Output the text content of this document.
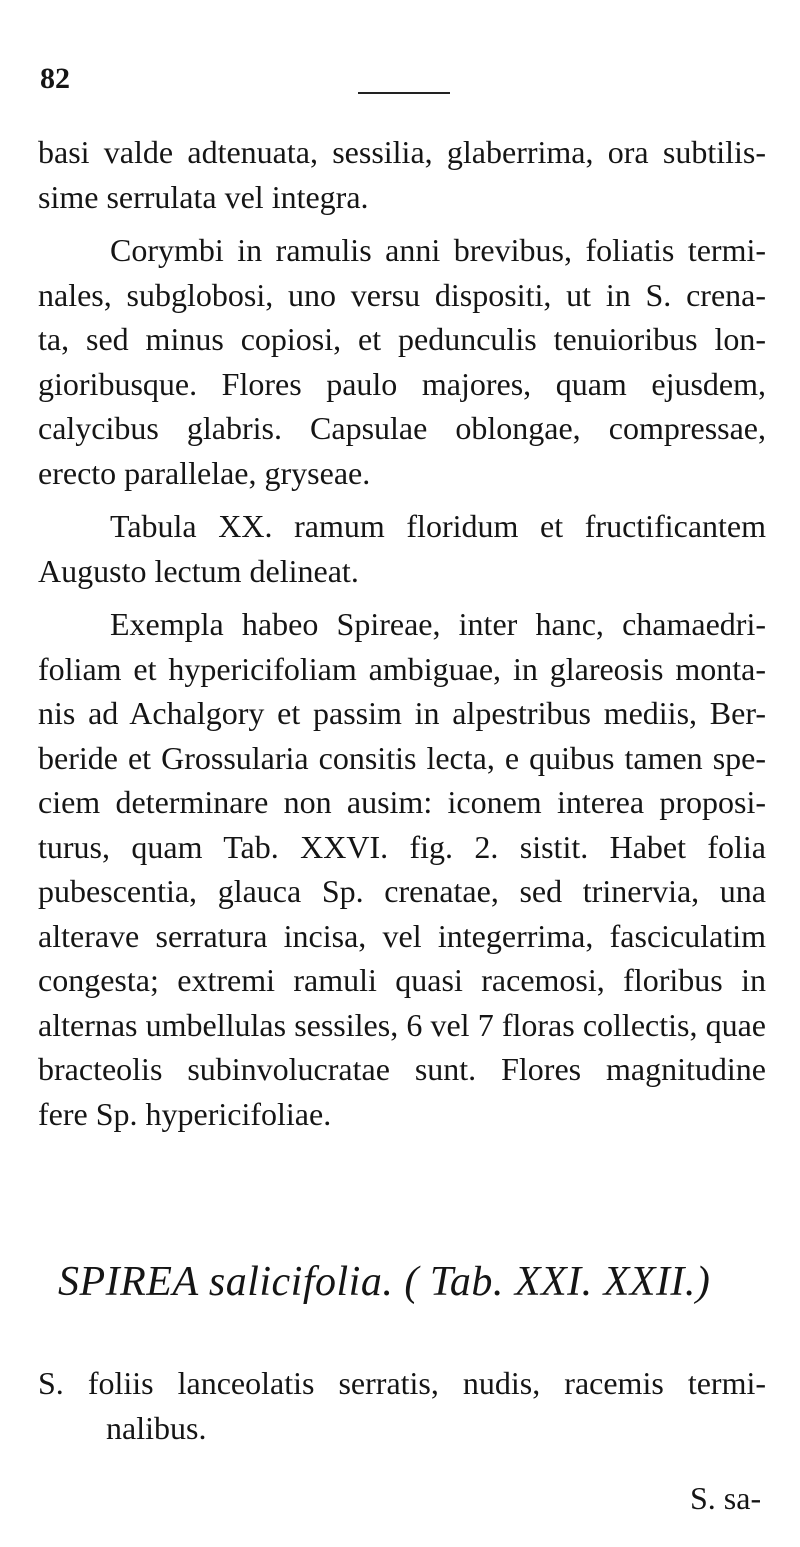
82
basi valde adtenuata, sessilia, glaberrima, ora subtilis-
sime serrulata vel integra.
Corymbi in ramulis anni brevibus, foliatis termi-
nales, subglobosi, uno versu dispositi, ut in S. crena-
ta, sed minus copiosi, et pedunculis tenuioribus lon-
gioribusque. Flores paulo majores, quam ejusdem,
calycibus glabris. Capsulae oblongae, compressae,
erecto parallelae, gryseae.
Tabula XX. ramum floridum et fructificantem
Augusto lectum delineat.
Exempla habeo Spireae, inter hanc, chamaedri-
foliam et hypericifoliam ambiguae, in glareosis monta-
nis ad Achalgory et passim in alpestribus mediis, Ber-
beride et Grossularia consitis lecta, e quibus tamen spe-
ciem determinare non ausim: iconem interea proposi-
turus, quam Tab. XXVI. fig. 2. sistit. Habet folia
pubescentia, glauca Sp. crenatae, sed trinervia, una
alterave serratura incisa, vel integerrima, fasciculatim
congesta; extremi ramuli quasi racemosi, floribus in
alternas umbellulas sessiles, 6 vel 7 floras collectis, quae
bracteolis subinvolucratae sunt. Flores magnitudine
fere Sp. hypericifoliae.
SPIREA salicifolia. ( Tab. XXI. XXII.)
S. foliis lanceolatis serratis, nudis, racemis termi-
nalibus.
S. sa-
